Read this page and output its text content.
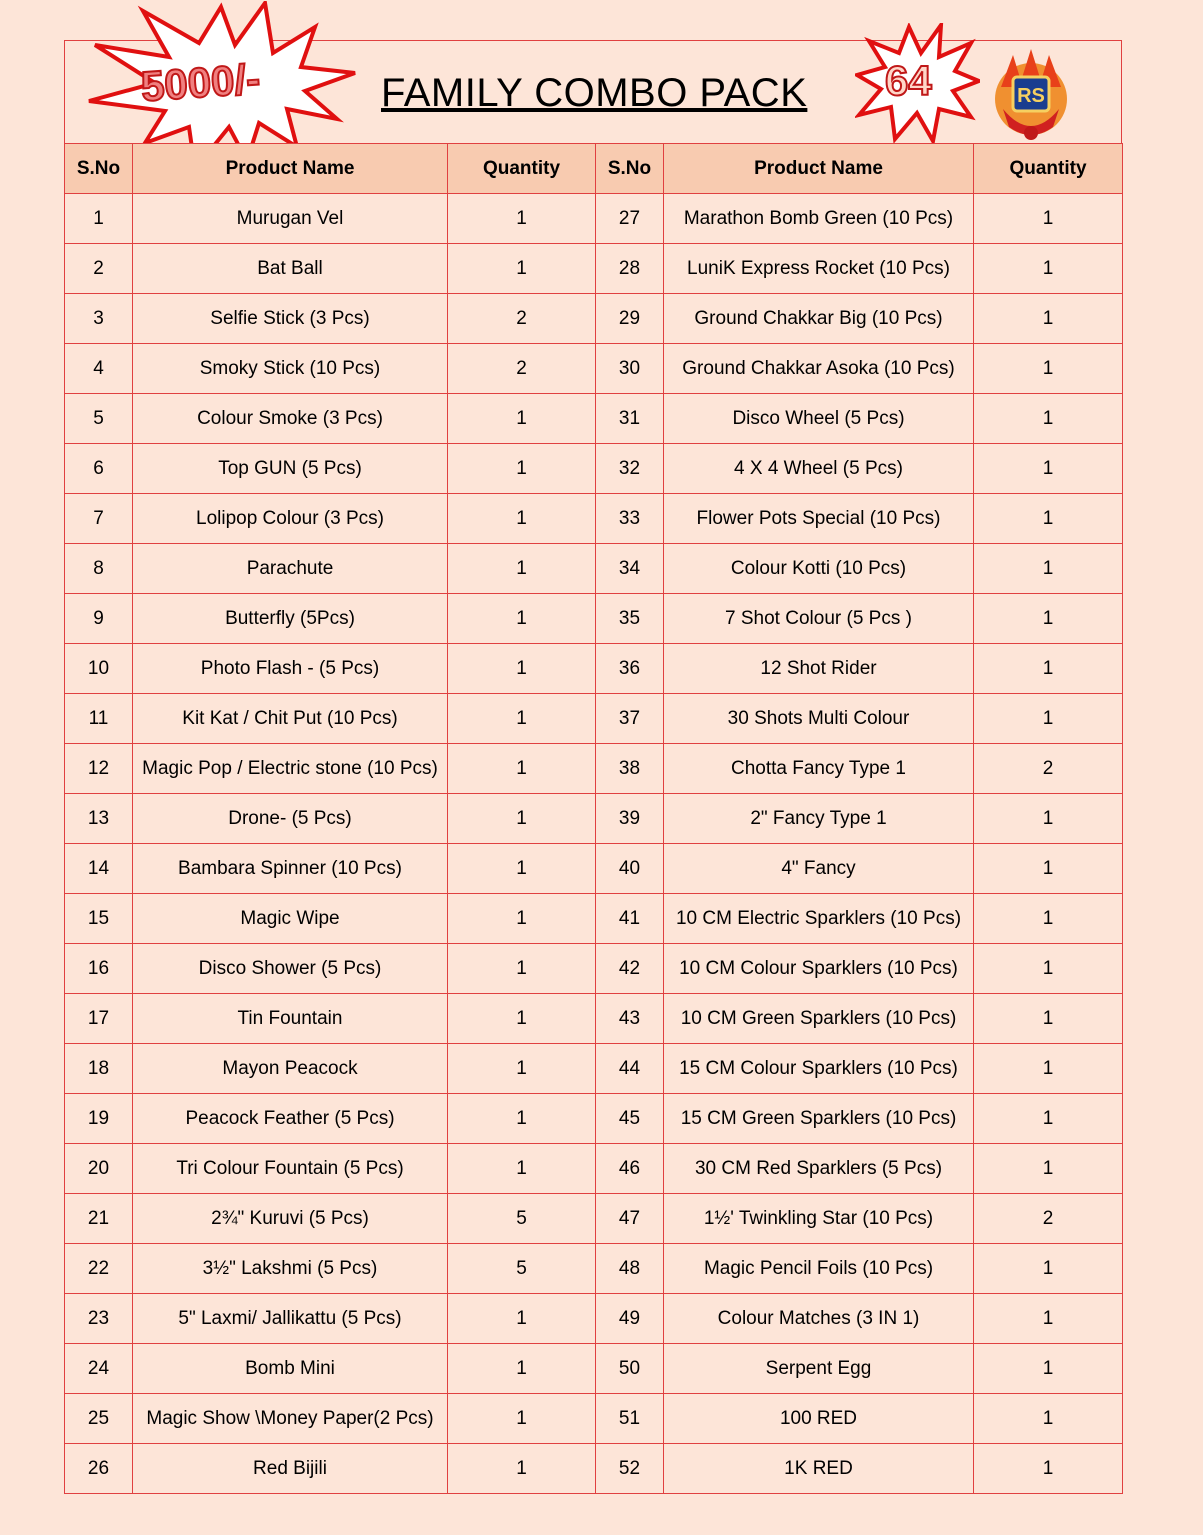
5000/-	FAMILY COMBO PACK 64	RS
S.No	Product Name	Quantity	S.No	Product Name	Quantity
1	Murugan Vel	1	27	Marathon Bomb Green (10 Pcs)	1
2	Bat Ball	1	28	LuniK Express Rocket (10 Pcs)	1
3	Selfie Stick (3 Pcs)	2	29	Ground Chakkar Big (10 Pcs)	1
4	Smoky Stick (10 Pcs)	2	30	Ground Chakkar Asoka (10 Pcs)	1
5	Colour Smoke (3 Pcs)	1	31	Disco Wheel (5 Pcs)	1
6	Top GUN (5 Pcs)	1	32	4 X 4 Wheel (5 Pcs)	1
7	Lolipop Colour (3 Pcs)	1	33	Flower Pots Special (10 Pcs)	1
8	Parachute	1	34	Colour Kotti (10 Pcs)	1
9	Butterfly (5Pcs)	1	35	7 Shot Colour (5 Pcs )	1
10	Photo Flash - (5 Pcs)	1	36	12 Shot Rider	1
11	Kit Kat / Chit Put (10 Pcs)	1	37	30 Shots Multi Colour	1
12	Magic Pop / Electric stone (10 Pcs)	1	38	Chotta Fancy Type 1	2
13	Drone- (5 Pcs)	1	39	2" Fancy Type 1	1
14	Bambara Spinner (10 Pcs)	1	40	4" Fancy	1
15	Magic Wipe	1	41	10 CM Electric Sparklers (10 Pcs)	1
16	Disco Shower (5 Pcs)	1	42	10 CM Colour Sparklers (10 Pcs)	1
17	Tin Fountain	1	43	10 CM Green Sparklers (10 Pcs)	1
18	Mayon Peacock	1	44	15 CM Colour Sparklers (10 Pcs)	1
19	Peacock Feather (5 Pcs)	1	45	15 CM Green Sparklers (10 Pcs)	1
20	Tri Colour Fountain (5 Pcs)	1	46	30 CM Red Sparklers (5 Pcs)	1
21	2¾" Kuruvi (5 Pcs)	5	47	1½' Twinkling Star (10 Pcs)	2
22	3½" Lakshmi (5 Pcs)	5	48	Magic Pencil Foils (10 Pcs)	1
23	5" Laxmi/ Jallikattu (5 Pcs)	1	49	Colour Matches (3 IN 1)	1
24	Bomb Mini	1	50	Serpent Egg	1
25	Magic Show \Money Paper(2 Pcs)	1	51	100 RED	1
26	Red Bijili	1	52	1K RED	1
